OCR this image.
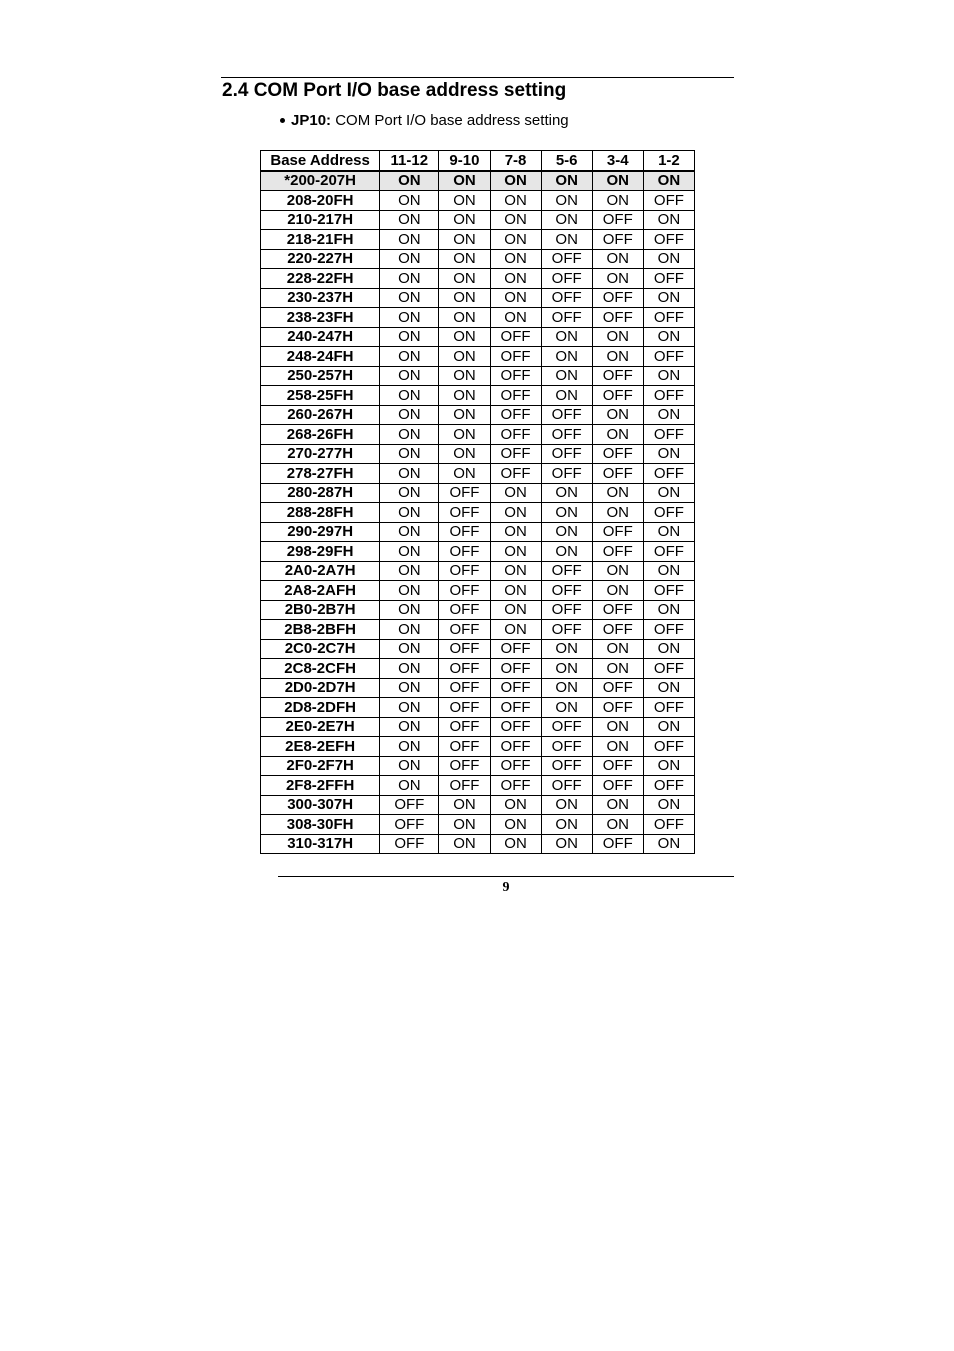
2.4 COM Port I/O base address setting
JP10: COM Port I/O base address setting
Base Address	11-12	9-10	7-8	5-6	3-4	1-2
*200-207H	ON	ON	ON	ON	ON	ON
208-20FH	ON	ON	ON	ON	ON	OFF
210-217H	ON	ON	ON	ON	OFF	ON
218-21FH	ON	ON	ON	ON	OFF	OFF
220-227H	ON	ON	ON	OFF	ON	ON
228-22FH	ON	ON	ON	OFF	ON	OFF
230-237H	ON	ON	ON	OFF	OFF	ON
238-23FH	ON	ON	ON	OFF	OFF	OFF
240-247H	ON	ON	OFF	ON	ON	ON
248-24FH	ON	ON	OFF	ON	ON	OFF
250-257H	ON	ON	OFF	ON	OFF	ON
258-25FH	ON	ON	OFF	ON	OFF	OFF
260-267H	ON	ON	OFF	OFF	ON	ON
268-26FH	ON	ON	OFF	OFF	ON	OFF
270-277H	ON	ON	OFF	OFF	OFF	ON
278-27FH	ON	ON	OFF	OFF	OFF	OFF
280-287H	ON	OFF	ON	ON	ON	ON
288-28FH	ON	OFF	ON	ON	ON	OFF
290-297H	ON	OFF	ON	ON	OFF	ON
298-29FH	ON	OFF	ON	ON	OFF	OFF
2A0-2A7H	ON	OFF	ON	OFF	ON	ON
2A8-2AFH	ON	OFF	ON	OFF	ON	OFF
2B0-2B7H	ON	OFF	ON	OFF	OFF	ON
2B8-2BFH	ON	OFF	ON	OFF	OFF	OFF
2C0-2C7H	ON	OFF	OFF	ON	ON	ON
2C8-2CFH	ON	OFF	OFF	ON	ON	OFF
2D0-2D7H	ON	OFF	OFF	ON	OFF	ON
2D8-2DFH	ON	OFF	OFF	ON	OFF	OFF
2E0-2E7H	ON	OFF	OFF	OFF	ON	ON
2E8-2EFH	ON	OFF	OFF	OFF	ON	OFF
2F0-2F7H	ON	OFF	OFF	OFF	OFF	ON
2F8-2FFH	ON	OFF	OFF	OFF	OFF	OFF
300-307H	OFF	ON	ON	ON	ON	ON
308-30FH	OFF	ON	ON	ON	ON	OFF
310-317H	OFF	ON	ON	ON	OFF	ON
9
